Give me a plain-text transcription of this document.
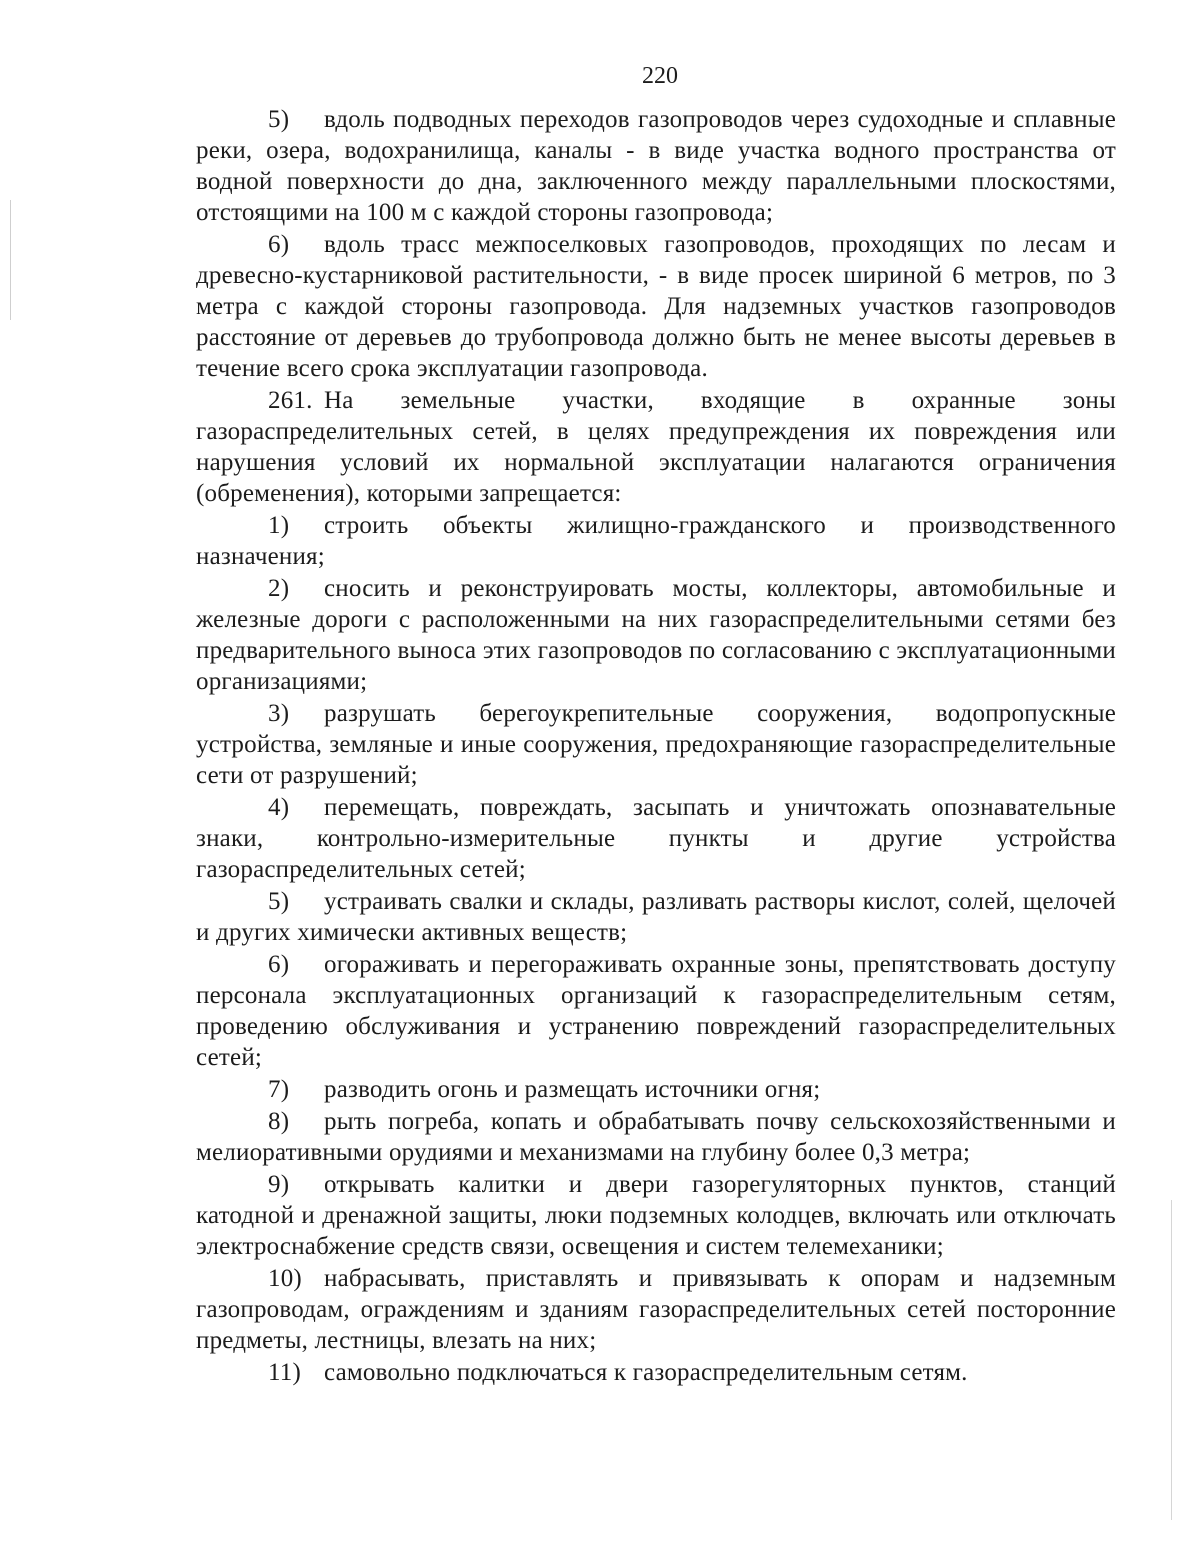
220

5) вдоль подводных переходов газопроводов через судоходные и сплавные реки, озера, водохранилища, каналы - в виде участка водного пространства от водной поверхности до дна, заключенного между параллельными плоскостями, отстоящими на 100 м с каждой стороны газопровода;

6) вдоль трасс межпоселковых газопроводов, проходящих по лесам и древесно-кустарниковой растительности, - в виде просек шириной 6 метров, по 3 метра с каждой стороны газопровода. Для надземных участков газопроводов расстояние от деревьев до трубопровода должно быть не менее высоты деревьев в течение всего срока эксплуатации газопровода.

261. На земельные участки, входящие в охранные зоны газораспределительных сетей, в целях предупреждения их повреждения или нарушения условий их нормальной эксплуатации налагаются ограничения (обременения), которыми запрещается:

1) строить объекты жилищно-гражданского и производственного назначения;

2) сносить и реконструировать мосты, коллекторы, автомобильные и железные дороги с расположенными на них газораспределительными сетями без предварительного выноса этих газопроводов по согласованию с эксплуатационными организациями;

3) разрушать берегоукрепительные сооружения, водопропускные устройства, земляные и иные сооружения, предохраняющие газораспределительные сети от разрушений;

4) перемещать, повреждать, засыпать и уничтожать опознавательные знаки, контрольно-измерительные пункты и другие устройства газораспределительных сетей;

5) устраивать свалки и склады, разливать растворы кислот, солей, щелочей и других химически активных веществ;

6) огораживать и перегораживать охранные зоны, препятствовать доступу персонала эксплуатационных организаций к газораспределительным сетям, проведению обслуживания и устранению повреждений газораспределительных сетей;

7) разводить огонь и размещать источники огня;

8) рыть погреба, копать и обрабатывать почву сельскохозяйственными и мелиоративными орудиями и механизмами на глубину более 0,3 метра;

9) открывать калитки и двери газорегуляторных пунктов, станций катодной и дренажной защиты, люки подземных колодцев, включать или отключать электроснабжение средств связи, освещения и систем телемеханики;

10) набрасывать, приставлять и привязывать к опорам и надземным газопроводам, ограждениям и зданиям газораспределительных сетей посторонние предметы, лестницы, влезать на них;

11) самовольно подключаться к газораспределительным сетям.
